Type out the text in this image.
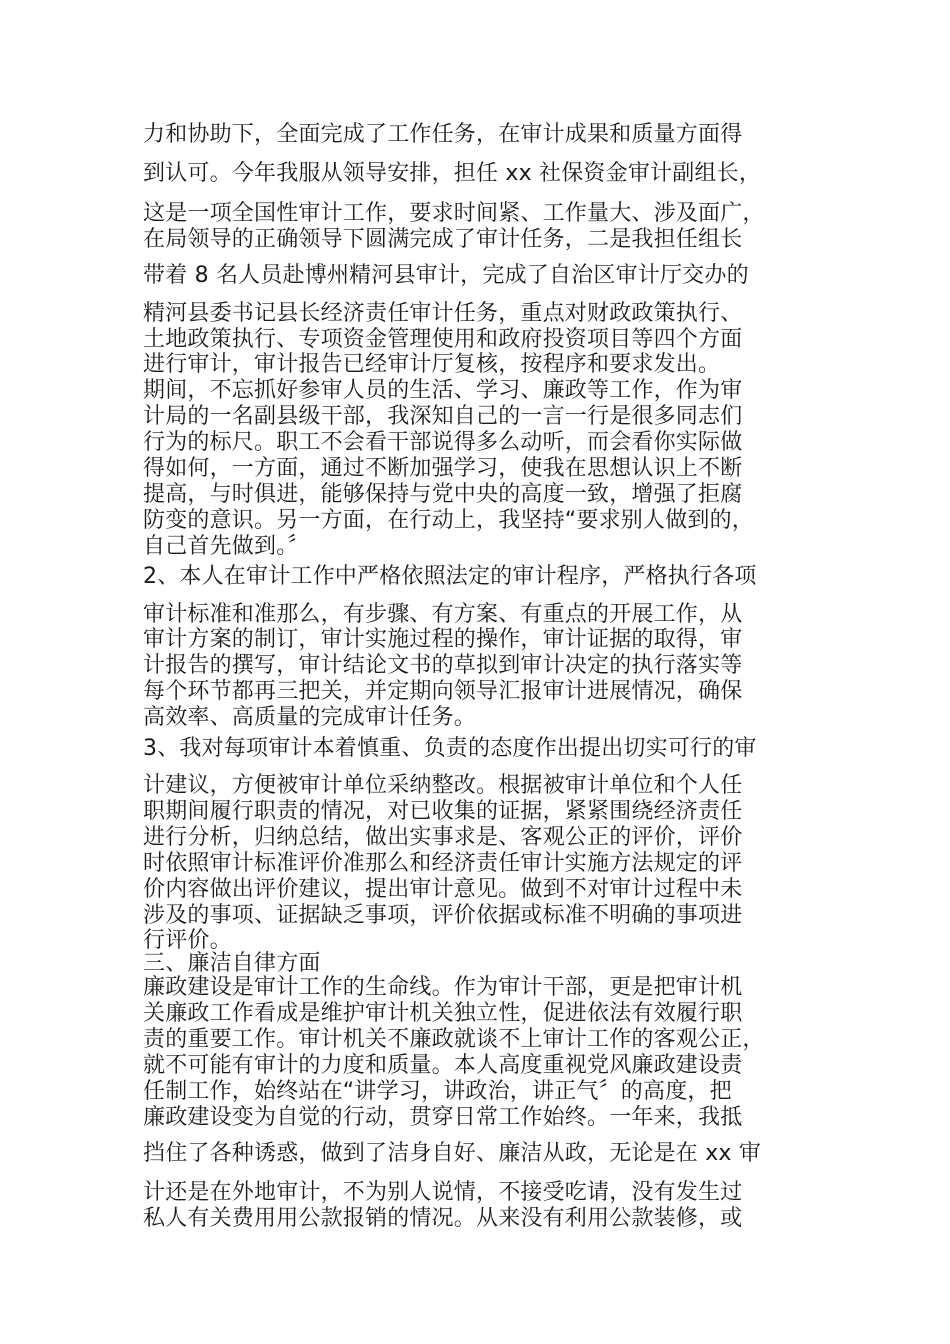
力和协助下，全面完成了工作任务，在审计成果和质量方面得
到认可。今年我服从领导安排，担任 xx 社保资金审计副组长，
这是一项全国性审计工作，要求时间紧、工作量大、涉及面广，
在局领导的正确领导下圆满完成了审计任务，二是我担任组长
带着 8 名人员赴博州精河县审计，完成了自治区审计厅交办的
精河县委书记县长经济责任审计任务，重点对财政政策执行、
土地政策执行、专项资金管理使用和政府投资项目等四个方面
进行审计，审计报告已经审计厅复核，按程序和要求发出。
期间，不忘抓好参审人员的生活、学习、廉政等工作，作为审
计局的一名副县级干部，我深知自己的一言一行是很多同志们
行为的标尺。职工不会看干部说得多么动听，而会看你实际做
得如何，一方面，通过不断加强学习，使我在思想认识上不断
提高，与时俱进，能够保持与党中央的高度一致，增强了拒腐
防变的意识。另一方面，在行动上，我坚持“要求别人做到的，
自己首先做到。〞
2、本人在审计工作中严格依照法定的审计程序，严格执行各项
审计标准和准那么，有步骤、有方案、有重点的开展工作，从
审计方案的制订，审计实施过程的操作，审计证据的取得，审
计报告的撰写，审计结论文书的草拟到审计决定的执行落实等
每个环节都再三把关，并定期向领导汇报审计进展情况，确保
高效率、高质量的完成审计任务。
3、我对每项审计本着慎重、负责的态度作出提出切实可行的审
计建议，方便被审计单位采纳整改。根据被审计单位和个人任
职期间履行职责的情况，对已收集的证据，紧紧围绕经济责任
进行分析，归纳总结，做出实事求是、客观公正的评价，评价
时依照审计标准评价准那么和经济责任审计实施方法规定的评
价内容做出评价建议，提出审计意见。做到不对审计过程中未
涉及的事项、证据缺乏事项，评价依据或标准不明确的事项进
行评价。
三、廉洁自律方面
廉政建设是审计工作的生命线。作为审计干部，更是把审计机
关廉政工作看成是维护审计机关独立性，促进依法有效履行职
责的重要工作。审计机关不廉政就谈不上审计工作的客观公正，
就不可能有审计的力度和质量。本人高度重视党风廉政建设责
任制工作，始终站在“讲学习，讲政治，讲正气〞的高度，把
廉政建设变为自觉的行动，贯穿日常工作始终。一年来，我抵
挡住了各种诱惑，做到了洁身自好、廉洁从政，无论是在 xx 审
计还是在外地审计，不为别人说情，不接受吃请，没有发生过
私人有关费用用公款报销的情况。从来没有利用公款装修，或
